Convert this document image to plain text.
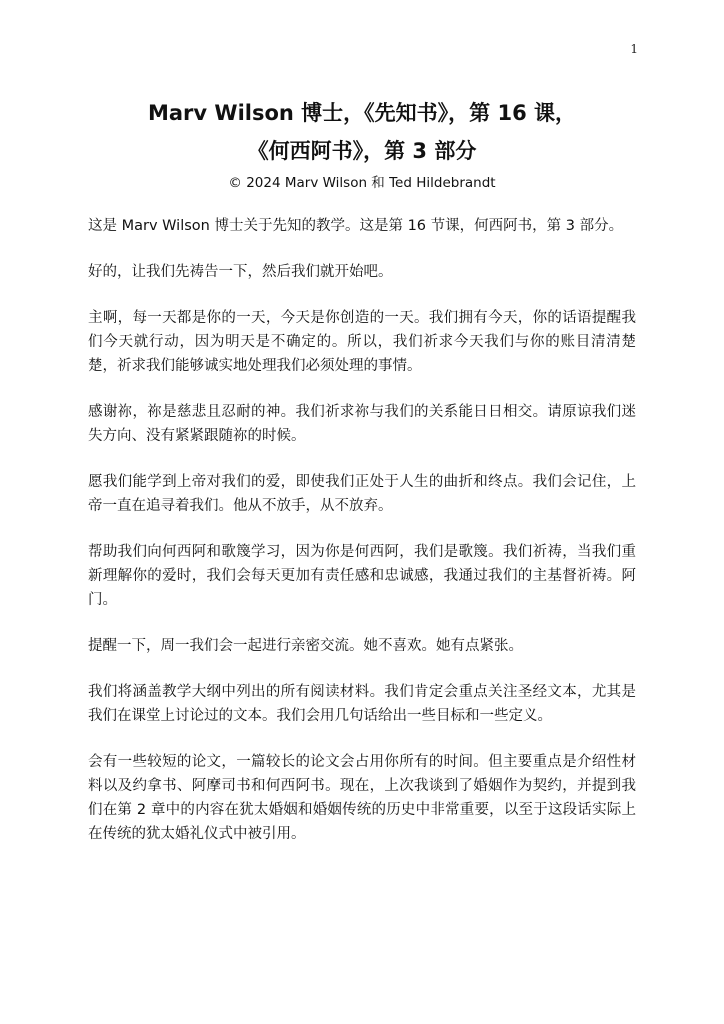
1
Marv Wilson 博士，《先知书》，第 16 课，
《何西阿书》，第 3 部分
© 2024 Marv Wilson 和 Ted Hildebrandt

这是 Marv Wilson 博士关于先知的教学。这是第 16 节课，何西阿书，第 3 部分。

好的，让我们先祷告一下，然后我们就开始吧。

主啊，每一天都是你的一天，今天是你创造的一天。我们拥有今天，你的话语提醒我们今天就行动，因为明天是不确定的。所以，我们祈求今天我们与你的账目清清楚楚，祈求我们能够诚实地处理我们必须处理的事情。

感谢祢，祢是慈悲且忍耐的神。我们祈求祢与我们的关系能日日相交。请原谅我们迷失方向、没有紧紧跟随祢的时候。

愿我们能学到上帝对我们的爱，即使我们正处于人生的曲折和终点。我们会记住，上帝一直在追寻着我们。他从不放手，从不放弃。

帮助我们向何西阿和歌篾学习，因为你是何西阿，我们是歌篾。我们祈祷，当我们重新理解你的爱时，我们会每天更加有责任感和忠诚感，我通过我们的主基督祈祷。阿门。

提醒一下，周一我们会一起进行亲密交流。她不喜欢。她有点紧张。

我们将涵盖教学大纲中列出的所有阅读材料。我们肯定会重点关注圣经文本，尤其是我们在课堂上讨论过的文本。我们会用几句话给出一些目标和一些定义。

会有一些较短的论文，一篇较长的论文会占用你所有的时间。但主要重点是介绍性材料以及约拿书、阿摩司书和何西阿书。现在，上次我谈到了婚姻作为契约，并提到我们在第 2 章中的内容在犹太婚姻和婚姻传统的历史中非常重要，以至于这段话实际上在传统的犹太婚礼仪式中被引用。
